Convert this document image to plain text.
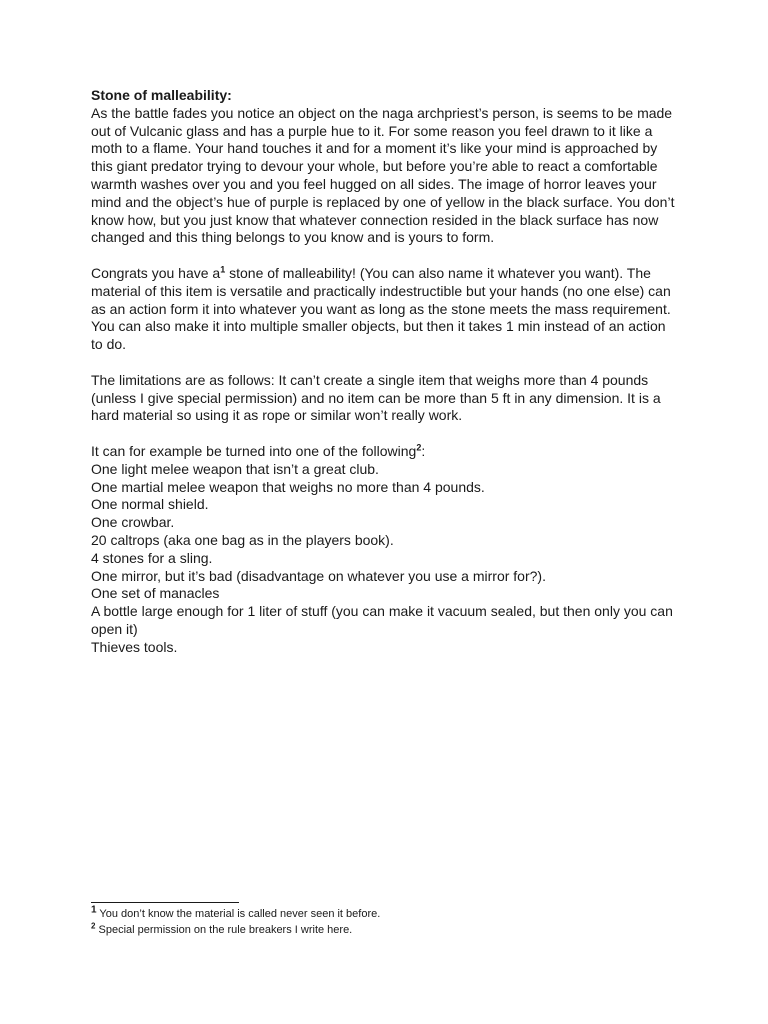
Stone of malleability:

As the battle fades you notice an object on the naga archpriest’s person, is seems to be made out of Vulcanic glass and has a purple hue to it. For some reason you feel drawn to it like a moth to a flame. Your hand touches it and for a moment it’s like your mind is approached by this giant predator trying to devour your whole, but before you’re able to react a comfortable warmth washes over you and you feel hugged on all sides. The image of horror leaves your mind and the object’s hue of purple is replaced by one of yellow in the black surface. You don’t know how, but you just know that whatever connection resided in the black surface has now changed and this thing belongs to you know and is yours to form.

Congrats you have $a^1$ stone of malleability! (You can also name it whatever you want). The material of this item is versatile and practically indestructible but your hands (no one else) can as an action form it into whatever you want as long as the stone meets the mass requirement. You can also make it into multiple smaller objects, but then it takes 1 min instead of an action to do.

The limitations are as follows: It can’t create a single item that weighs more than 4 pounds (unless I give special permission) and no item can be more than 5 ft in any dimension. It is a hard material so using it as rope or similar won’t really work.

It can for example be turned into one of the following$^2$:

One light melee weapon that isn’t a great club.

One martial melee weapon that weighs no more than 4 pounds.

One normal shield.

One crowbar.

20 caltrops (aka one bag as in the players book).

4 stones for a sling.

One mirror, but it’s bad (disadvantage on whatever you use a mirror for?).

One set of manacles

A bottle large enough for 1 liter of stuff (you can make it vacuum sealed, but then only you can open it)

Thieves tools.

1 You don’t know the material is called never seen it before.

$^2$ Special permission on the rule breakers I write here.
